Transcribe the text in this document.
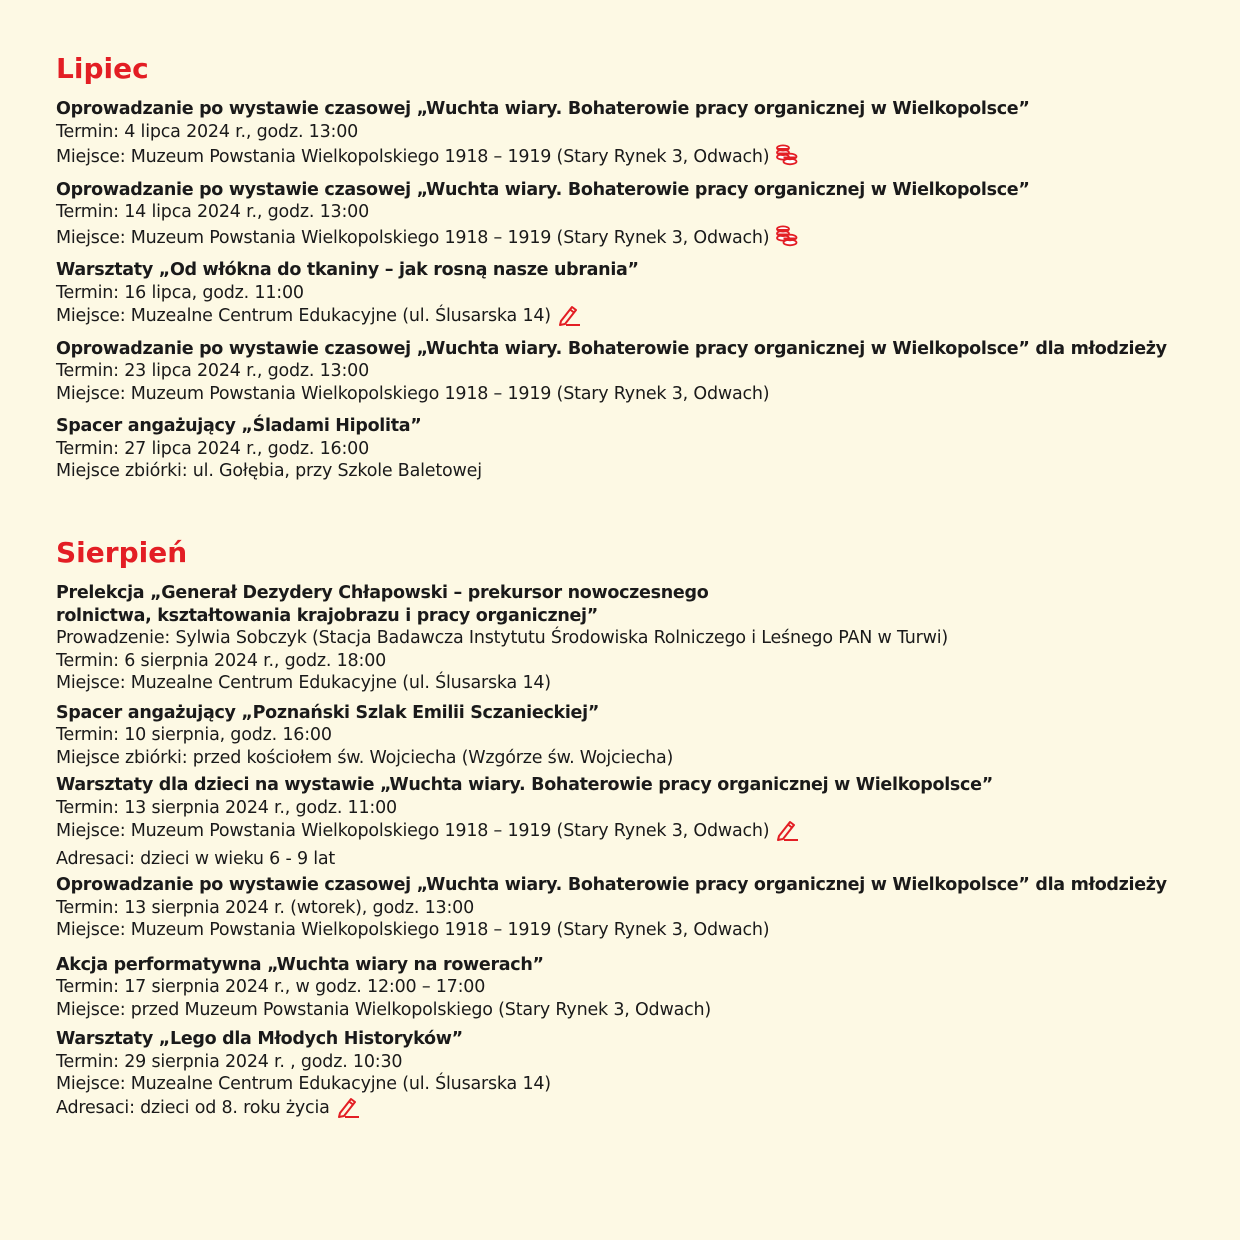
Lipiec
Oprowadzanie po wystawie czasowej „Wuchta wiary. Bohaterowie pracy organicznej w Wielkopolsce”
Termin: 4 lipca 2024 r., godz. 13:00
Miejsce: Muzeum Powstania Wielkopolskiego 1918 – 1919 (Stary Rynek 3, Odwach)
Oprowadzanie po wystawie czasowej „Wuchta wiary. Bohaterowie pracy organicznej w Wielkopolsce”
Termin: 14 lipca 2024 r., godz. 13:00
Miejsce: Muzeum Powstania Wielkopolskiego 1918 – 1919 (Stary Rynek 3, Odwach)
Warsztaty „Od włókna do tkaniny – jak rosną nasze ubrania”
Termin: 16 lipca, godz. 11:00
Miejsce: Muzealne Centrum Edukacyjne (ul. Ślusarska 14)
Oprowadzanie po wystawie czasowej „Wuchta wiary. Bohaterowie pracy organicznej w Wielkopolsce” dla młodzieży
Termin: 23 lipca 2024 r., godz. 13:00
Miejsce: Muzeum Powstania Wielkopolskiego 1918 – 1919 (Stary Rynek 3, Odwach)
Spacer angażujący „Śladami Hipolita”
Termin: 27 lipca 2024 r., godz. 16:00
Miejsce zbiórki: ul. Gołębia, przy Szkole Baletowej
Sierpień
Prelekcja „Generał Dezydery Chłapowski – prekursor nowoczesnego
rolnictwa, kształtowania krajobrazu i pracy organicznej”
Prowadzenie: Sylwia Sobczyk (Stacja Badawcza Instytutu Środowiska Rolniczego i Leśnego PAN w Turwi)
Termin: 6 sierpnia 2024 r., godz. 18:00
Miejsce: Muzealne Centrum Edukacyjne (ul. Ślusarska 14)
Spacer angażujący „Poznański Szlak Emilii Sczanieckiej”
Termin: 10 sierpnia, godz. 16:00
Miejsce zbiórki: przed kościołem św. Wojciecha (Wzgórze św. Wojciecha)
Warsztaty dla dzieci na wystawie „Wuchta wiary. Bohaterowie pracy organicznej w Wielkopolsce”
Termin: 13 sierpnia 2024 r., godz. 11:00
Miejsce: Muzeum Powstania Wielkopolskiego 1918 – 1919 (Stary Rynek 3, Odwach)
Adresaci: dzieci w wieku 6 - 9 lat
Oprowadzanie po wystawie czasowej „Wuchta wiary. Bohaterowie pracy organicznej w Wielkopolsce” dla młodzieży
Termin: 13 sierpnia 2024 r. (wtorek), godz. 13:00
Miejsce: Muzeum Powstania Wielkopolskiego 1918 – 1919 (Stary Rynek 3, Odwach)
Akcja performatywna „Wuchta wiary na rowerach”
Termin: 17 sierpnia 2024 r., w godz. 12:00 – 17:00
Miejsce: przed Muzeum Powstania Wielkopolskiego (Stary Rynek 3, Odwach)
Warsztaty „Lego dla Młodych Historyków”
Termin: 29 sierpnia 2024 r. , godz. 10:30
Miejsce: Muzealne Centrum Edukacyjne (ul. Ślusarska 14)
Adresaci: dzieci od 8. roku życia
